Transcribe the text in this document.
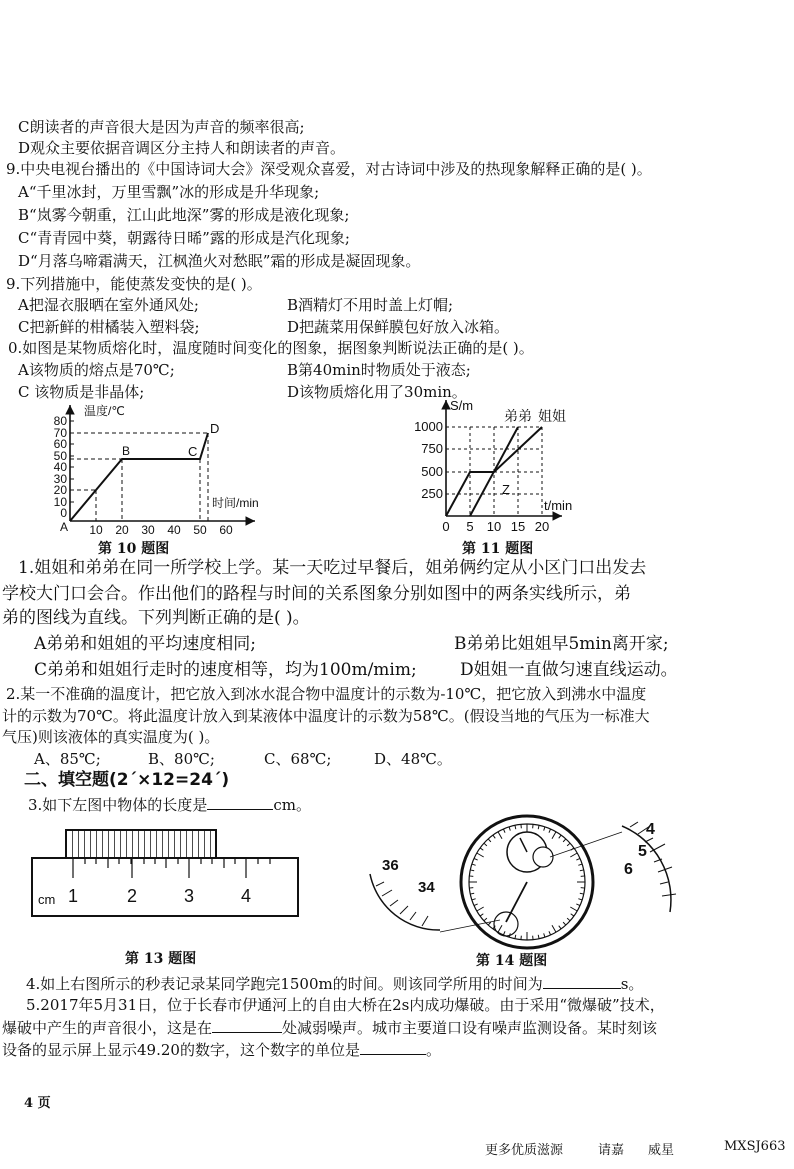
C朗读者的声音很大是因为声音的频率很高;
D观众主要依据音调区分主持人和朗读者的声音。
9.中央电视台播出的《中国诗词大会》深受观众喜爱，对古诗词中涉及的热现象解释正确的是( )。
A“千里冰封，万里雪飘”冰的形成是升华现象;
B“岚雾今朝重，江山此地深”雾的形成是液化现象;
C“青青园中葵，朝露待日晞”露的形成是汽化现象;
D“月落乌啼霜满天，江枫渔火对愁眠”霜的形成是凝固现象。
9.下列措施中，能使蒸发变快的是( )。
A把湿衣服晒在室外通风处;	B酒精灯不用时盖上灯帽;
C把新鲜的柑橘装入塑料袋;	D把蔬菜用保鲜膜包好放入冰箱。
0.如图是某物质熔化时，温度随时间变化的图象，据图象判断说法正确的是( )。
A该物质的熔点是70℃;	B第40min时物质处于液态;
C 该物质是非晶体;	D该物质熔化用了30min。
温度/℃
时间/min
80
70
60
50
40
30
20
10
0
10 20 30 40 50 60
A
B	C
D
第 10 题图
S/m
t/min
1000
750
500
250
0 5 10 15 20
Z
弟弟 姐姐
第 11 题图
1.姐姐和弟弟在同一所学校上学。某一天吃过早餐后，姐弟俩约定从小区门口出发去
学校大门口会合。作出他们的路程与时间的关系图象分别如图中的两条实线所示，弟
弟的图线为直线。下列判断正确的是( )。
A弟弟和姐姐的平均速度相同;	B弟弟比姐姐早5min离开家;
C弟弟和姐姐行走时的速度相等，均为100m/mim;	D姐姐一直做匀速直线运动。
2.某一不准确的温度计，把它放入到冰水混合物中温度计的示数为-10℃，把它放入到沸水中温度
计的示数为70℃。将此温度计放入到某液体中温度计的示数为58℃。(假设当地的气压为一标准大
气压)则该液体的真实温度为( )。
A、85℃;	B、80℃;	C、68℃;	D、48℃。
二、填空题(2ˊ×12=24ˊ)
3.如下左图中物体的长度是	cm。
1	2	3	4
cm
第 13 题图
4
5
6
36
34
第 14 题图
4.如上右图所示的秒表记录某同学跑完1500m的时间。则该同学所用的时间为	s。
5.2017年5月31日，位于长春市伊通河上的自由大桥在2s内成功爆破。由于采用“微爆破”技术，
爆破中产生的声音很小，这是在	处减弱噪声。城市主要道口设有噪声监测设备。某时刻该
设备的显示屏上显示49.20的数字，这个数字的单位是	。
4 页
更多优质滋源	请嘉 威星	MXSJ663
